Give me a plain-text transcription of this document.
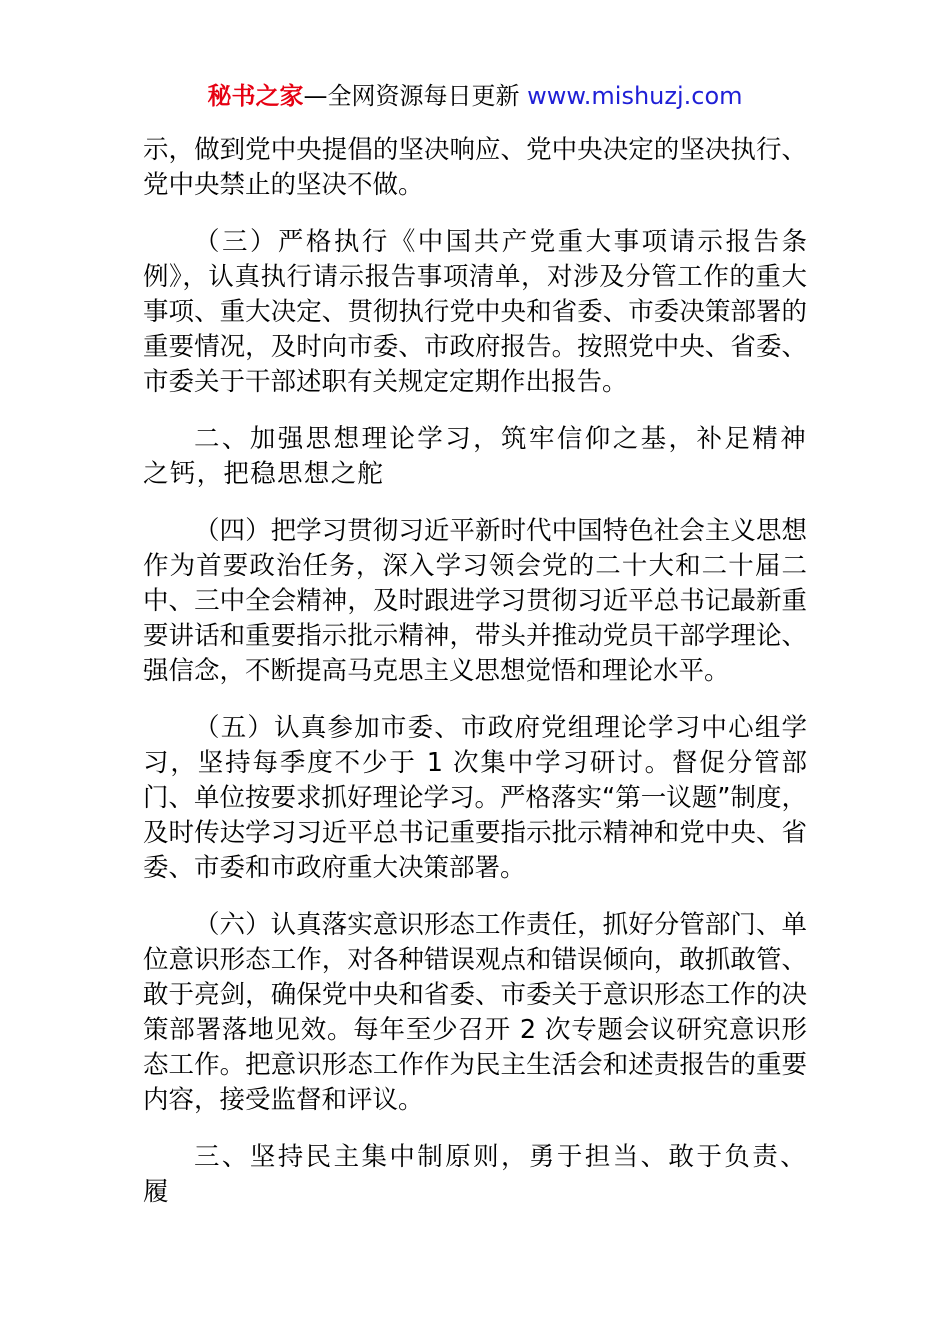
秘书之家—全网资源每日更新 www.mishuzj.com

示，做到党中央提倡的坚决响应、党中央决定的坚决执行、党中央禁止的坚决不做。

（三）严格执行《中国共产党重大事项请示报告条例》，认真执行请示报告事项清单，对涉及分管工作的重大事项、重大决定、贯彻执行党中央和省委、市委决策部署的重要情况，及时向市委、市政府报告。按照党中央、省委、市委关于干部述职有关规定定期作出报告。

二、加强思想理论学习，筑牢信仰之基，补足精神之钙，把稳思想之舵

（四）把学习贯彻习近平新时代中国特色社会主义思想作为首要政治任务，深入学习领会党的二十大和二十届二中、三中全会精神，及时跟进学习贯彻习近平总书记最新重要讲话和重要指示批示精神，带头并推动党员干部学理论、强信念，不断提高马克思主义思想觉悟和理论水平。

（五）认真参加市委、市政府党组理论学习中心组学习，坚持每季度不少于 1 次集中学习研讨。督促分管部门、单位按要求抓好理论学习。严格落实“第一议题”制度，及时传达学习习近平总书记重要指示批示精神和党中央、省委、市委和市政府重大决策部署。

（六）认真落实意识形态工作责任，抓好分管部门、单位意识形态工作，对各种错误观点和错误倾向，敢抓敢管、敢于亮剑，确保党中央和省委、市委关于意识形态工作的决策部署落地见效。每年至少召开 2 次专题会议研究意识形态工作。把意识形态工作作为民主生活会和述责报告的重要内容，接受监督和评议。

三、坚持民主集中制原则，勇于担当、敢于负责、履
